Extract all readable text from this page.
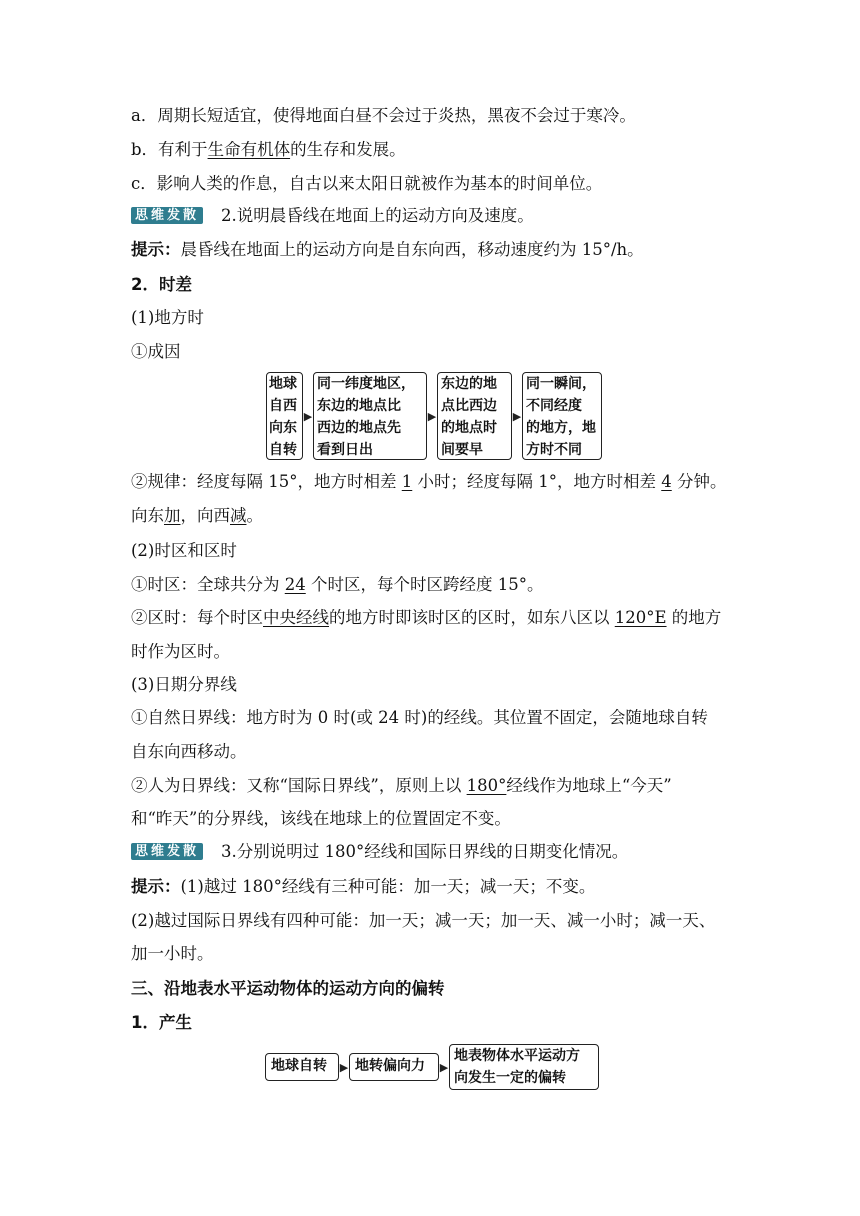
a．周期长短适宜，使得地面白昼不会过于炎热，黑夜不会过于寒冷。
b．有利于生命有机体的生存和发展。
c．影响人类的作息，自古以来太阳日就被作为基本的时间单位。
思维发散 2.说明晨昏线在地面上的运动方向及速度。
提示：晨昏线在地面上的运动方向是自东向西，移动速度约为 15°/h。
2．时差
(1)地方时
①成因
地球
自西
向东
自转
▶
同一纬度地区，
东边的地点比
西边的地点先
看到日出
▶
东边的地
点比西边
的地点时
间要早
▶
同一瞬间，
不同经度
的地方，地
方时不同
②规律：经度每隔 15°，地方时相差 1 小时；经度每隔 1°，地方时相差 4 分钟。
向东加，向西减。
(2)时区和区时
①时区：全球共分为 24 个时区，每个时区跨经度 15°。
②区时：每个时区中央经线的地方时即该时区的区时，如东八区以 120°E 的地方
时作为区时。
(3)日期分界线
①自然日界线：地方时为 0 时(或 24 时)的经线。其位置不固定，会随地球自转
自东向西移动。
②人为日界线：又称“国际日界线”，原则上以 180°经线作为地球上“今天”
和“昨天”的分界线，该线在地球上的位置固定不变。
思维发散 3.分别说明过 180°经线和国际日界线的日期变化情况。
提示：(1)越过 180°经线有三种可能：加一天；减一天；不变。
(2)越过国际日界线有四种可能：加一天；减一天；加一天、减一小时；减一天、
加一小时。
三、沿地表水平运动物体的运动方向的偏转
1．产生
地球自转	▶ 地转偏向力	▶
地表物体水平运动方
向发生一定的偏转
